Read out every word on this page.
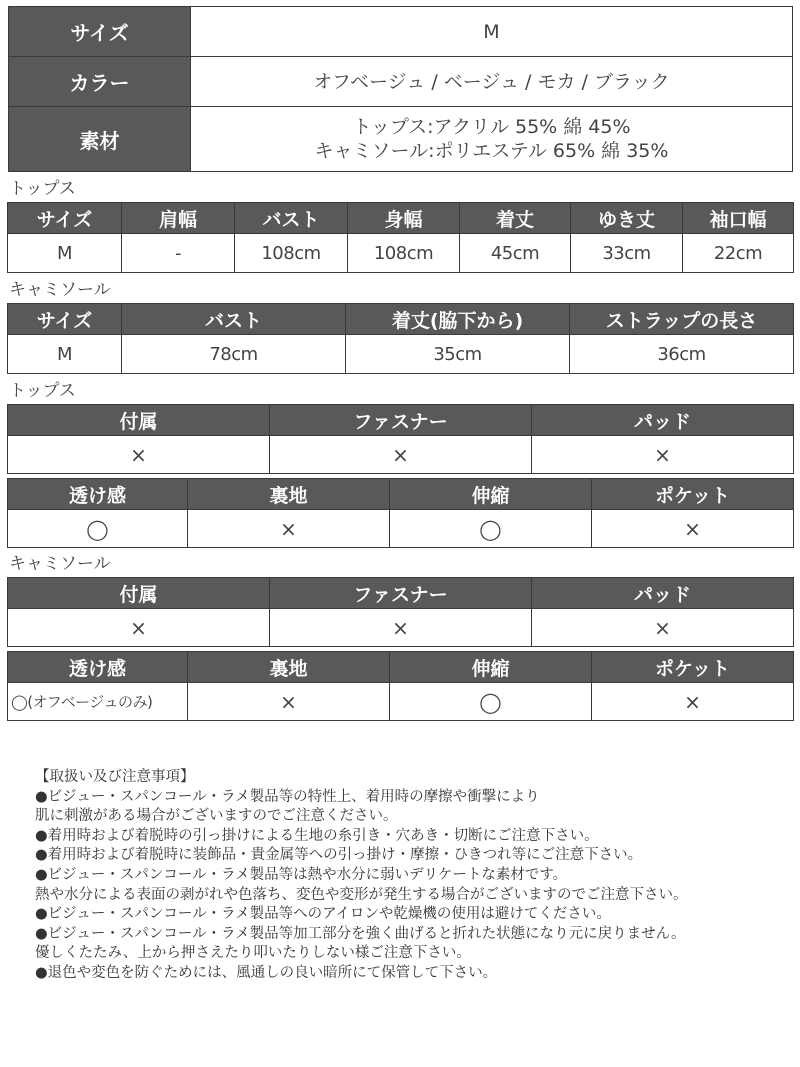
サイズ	M
カラー	オフベージュ / ベージュ / モカ / ブラック
素材	トップス:アクリル 55% 綿 45%
キャミソール:ポリエステル 65% 綿 35%
トップス
サイズ	肩幅	バスト	身幅	着丈	ゆき丈	袖口幅
M	-	108cm	108cm	45cm	33cm	22cm
キャミソール
サイズ	バスト	着丈(脇下から)	ストラップの長さ
M	78cm	35cm	36cm
トップス
付属	ファスナー	パッド
×	×	×
透け感	裏地	伸縮	ポケット
◯	×	◯	×
キャミソール
付属	ファスナー	パッド
×	×	×
透け感	裏地	伸縮	ポケット
◯(オフベージュのみ)	×	◯	×
【取扱い及び注意事項】
●ビジュー・スパンコール・ラメ製品等の特性上、着用時の摩擦や衝撃により
肌に刺激がある場合がございますのでご注意ください。
●着用時および着脱時の引っ掛けによる生地の糸引き・穴あき・切断にご注意下さい。
●着用時および着脱時に装飾品・貴金属等への引っ掛け・摩擦・ひきつれ等にご注意下さい。
●ビジュー・スパンコール・ラメ製品等は熱や水分に弱いデリケートな素材です。
熱や水分による表面の剥がれや色落ち、変色や変形が発生する場合がございますのでご注意下さい。
●ビジュー・スパンコール・ラメ製品等へのアイロンや乾燥機の使用は避けてください。
●ビジュー・スパンコール・ラメ製品等加工部分を強く曲げると折れた状態になり元に戻りません。
優しくたたみ、上から押さえたり叩いたりしない様ご注意下さい。
●退色や変色を防ぐためには、風通しの良い暗所にて保管して下さい。
